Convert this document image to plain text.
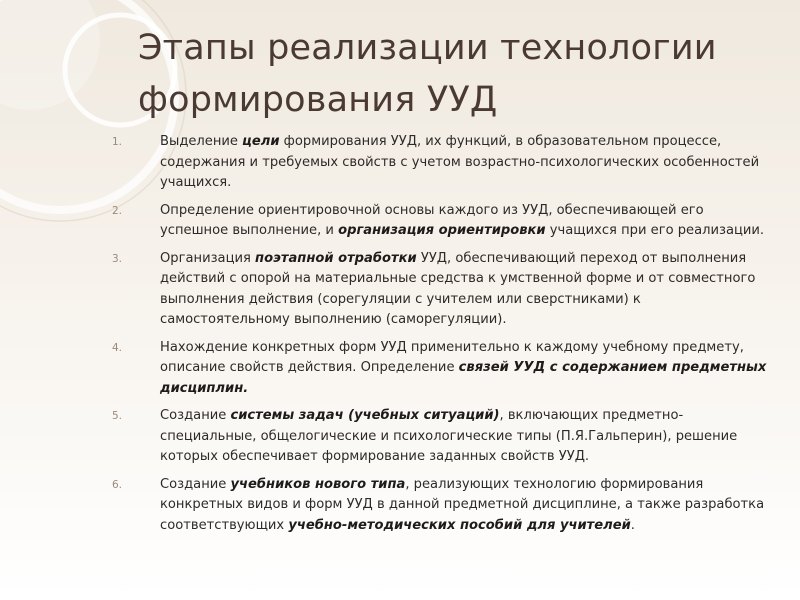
Этапы реализации технологии
формирования УУД
1.	Выделение цели формирования УУД, их функций, в образовательном процессе, содержания и требуемых свойств с учетом возрастно-психологических особенностей учащихся.
2.	Определение ориентировочной основы каждого из УУД, обеспечивающей его успешное выполнение, и организация ориентировки учащихся при его реализации.
3.	Организация поэтапной отработки УУД, обеспечивающий переход от выполнения действий с опорой на материальные средства к умственной форме и от совместного выполнения действия (сорегуляции с учителем или сверстниками) к самостоятельному выполнению (саморегуляции).
4.	Нахождение конкретных форм УУД применительно к каждому учебному предмету, описание свойств действия. Определение связей УУД с содержанием предметных дисциплин.
5.	Создание системы задач (учебных ситуаций), включающих предметно-специальные, общелогические и психологические типы (П.Я.Гальперин), решение которых обеспечивает формирование заданных свойств УУД.
6.	Создание учебников нового типа, реализующих технологию формирования конкретных видов и форм УУД в данной предметной дисциплине, а также разработка соответствующих учебно-методических пособий для учителей.
